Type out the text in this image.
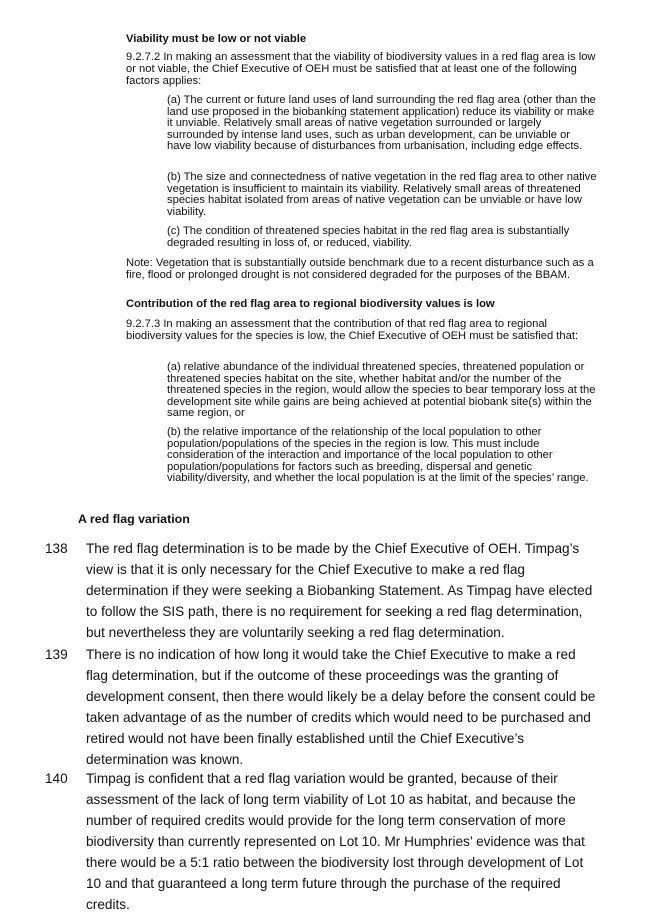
Viability must be low or not viable

9.2.7.2 In making an assessment that the viability of biodiversity values in a red flag area is low or not viable, the Chief Executive of OEH must be satisfied that at least one of the following factors applies:

(a) The current or future land uses of land surrounding the red flag area (other than the land use proposed in the biobanking statement application) reduce its viability or make it unviable. Relatively small areas of native vegetation surrounded or largely surrounded by intense land uses, such as urban development, can be unviable or have low viability because of disturbances from urbanisation, including edge effects.

(b) The size and connectedness of native vegetation in the red flag area to other native vegetation is insufficient to maintain its viability. Relatively small areas of threatened species habitat isolated from areas of native vegetation can be unviable or have low viability.

(c) The condition of threatened species habitat in the red flag area is substantially degraded resulting in loss of, or reduced, viability.

Note: Vegetation that is substantially outside benchmark due to a recent disturbance such as a fire, flood or prolonged drought is not considered degraded for the purposes of the BBAM.

Contribution of the red flag area to regional biodiversity values is low

9.2.7.3 In making an assessment that the contribution of that red flag area to regional biodiversity values for the species is low, the Chief Executive of OEH must be satisfied that:

(a) relative abundance of the individual threatened species, threatened population or threatened species habitat on the site, whether habitat and/or the number of the threatened species in the region, would allow the species to bear temporary loss at the development site while gains are being achieved at potential biobank site(s) within the same region, or

(b) the relative importance of the relationship of the local population to other population/populations of the species in the region is low. This must include consideration of the interaction and importance of the local population to other population/populations for factors such as breeding, dispersal and genetic viability/diversity, and whether the local population is at the limit of the species’ range.

A red flag variation
138 The red flag determination is to be made by the Chief Executive of OEH. Timpag’s view is that it is only necessary for the Chief Executive to make a red flag determination if they were seeking a Biobanking Statement. As Timpag have elected to follow the SIS path, there is no requirement for seeking a red flag determination, but nevertheless they are voluntarily seeking a red flag determination.
139 There is no indication of how long it would take the Chief Executive to make a red flag determination, but if the outcome of these proceedings was the granting of development consent, then there would likely be a delay before the consent could be taken advantage of as the number of credits which would need to be purchased and retired would not have been finally established until the Chief Executive’s determination was known.
140 Timpag is confident that a red flag variation would be granted, because of their assessment of the lack of long term viability of Lot 10 as habitat, and because the number of required credits would provide for the long term conservation of more biodiversity than currently represented on Lot 10. Mr Humphries’ evidence was that there would be a 5:1 ratio between the biodiversity lost through development of Lot 10 and that guaranteed a long term future through the purchase of the required credits.
